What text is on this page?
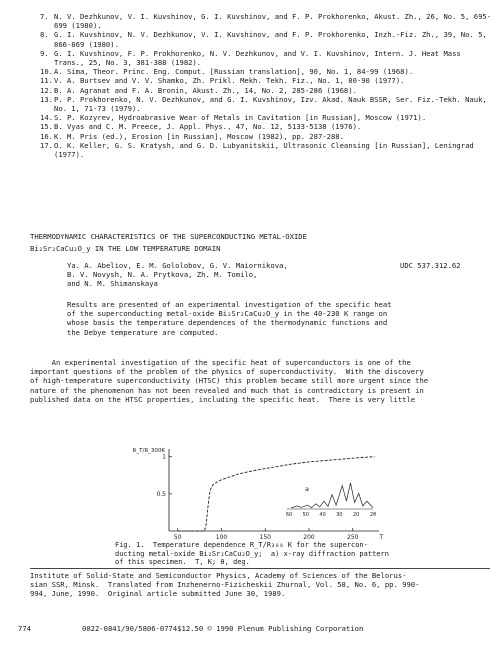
7. N. V. Dezhkunov, V. I. Kuvshinov, G. I. Kuvshinov, and F. P. Prokhorenko, Akust. Zh., 26, No. 5, 695-699 (1980).
8. G. I. Kuvshinov, N. V. Dezhkunov, V. I. Kuvshinov, and F. P. Prokhorenko, Inzh.-Fiz. Zh., 39, No. 5, 866-869 (1980).
9. G. I. Kuvshinov, F. P. Prokhorenko, N. V. Dezhkunov, and V. I. Kuvshinov, Intern. J. Heat Mass Trans., 25, No. 3, 381-388 (1982).
10. A. Sima, Theor. Princ. Eng. Comput. [Russian translation], 90, No. 1, 84-99 (1968).
11. V. A. Burtsev and V. V. Shamko, Zh. Prikl. Mekh. Tekh. Fiz., No. 1, 80-90 (1977).
12. B. A. Agranat and F. A. Bronin, Akust. Zh., 14, No. 2, 285-286 (1968).
13. P. P. Prokhorenko, N. V. Dezhkunov, and G. I. Kuvshinov, Izv. Akad. Nauk BSSR, Ser. Fiz.-Tekh. Nauk, No. 1, 71-73 (1979).
14. S. P. Kozyrev, Hydroabrasive Wear of Metals in Cavitation [in Russian], Moscow (1971).
15. B. Vyas and C. M. Preece, J. Appl. Phys., 47, No. 12, 5133-5138 (1976).
16. K. M. Pris (ed.), Erosion [in Russian], Moscow (1982), pp. 287-288.
17. O. K. Keller, G. S. Kratysh, and G. D. Lubyanitskii, Ultrasonic Cleansing [in Russian], Leningrad (1977).
THERMODYNAMIC CHARACTERISTICS OF THE SUPERCONDUCTING METAL-OXIDE
Bi₂Sr₂CaCu₂O_y IN THE LOW TEMPERATURE DOMAIN
Ya. A. Abeliov, E. M. Gololobov, G. V. Maiornikova,
B. V. Novysh, N. A. Prytkova, Zh. M. Tomilo,
and N. M. Shimanskaya
UDC 537.312.62
Results are presented of an experimental investigation of the specific heat
of the superconducting metal-oxide Bi₂Sr₂CaCu₂O_y in the 40-230 K range on
whose basis the temperature dependences of the thermodynamic functions and
the Debye temperature are computed.
An experimental investigation of the specific heat of superconductors is one of the
important questions of the problem of the physics of superconductivity.  With the discovery
of high-temperature superconductivity (HTSC) this problem became still more urgent since the
nature of the phenomenon has not been revealed and much that is contradictory is present in
published data on the HTSC properties, including the specific heat.  There is very little
50	100	150	200	250	T
0.5
1
R_T/R_300K
a
60 50 40 30 20 2θ
Fig. 1.  Temperature dependence R_T/R₃₀₀ K for the supercon-
ducting metal-oxide Bi₂Sr₂CaCu₂O_y;  a) x-ray diffraction pattern
of this specimen.  T, K; θ, deg.
Institute of Solid-State and Semiconductor Physics, Academy of Sciences of the Belorus-
sian SSR, Minsk.  Translated from Inzhenerno-Fizicheskii Zhurnal, Vol. 58, No. 6, pp. 990-
994, June, 1990.  Original article submitted June 30, 1989.
774	0022-0841/90/5806-0774$12.50 © 1990 Plenum Publishing Corporation
